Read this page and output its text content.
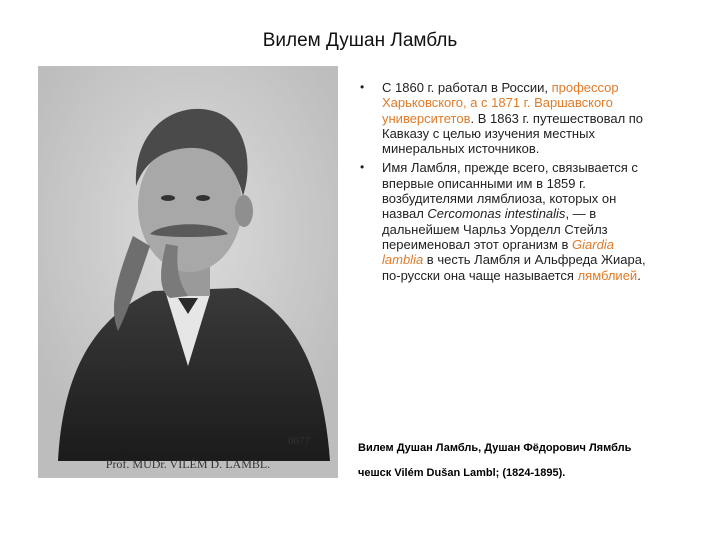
Вилем Душан Ламбль
6077
Prof. MUDr. VILÉM D. LAMBL.
• С 1860 г. работал в России, профессор Харьковского, а с 1871 г. Варшавского университетов. В 1863 г. путешествовал по Кавказу с целью изучения местных минеральных источников.
• Имя Ламбля, прежде всего, связывается с впервые описанными им в 1859 г. возбудителями лямблиоза, которых он назвал Cercomonas intestinalis, — в дальнейшем Чарльз Уорделл Стейлз переименовал этот организм в Giardia lamblia в честь Ламбля и Альфреда Жиара, по-русски она чаще называется лямблией.
Вилем Душан Ламбль, Душан Фёдорович Лямбль
чешск Vilém Dušan Lambl; (1824-1895).
